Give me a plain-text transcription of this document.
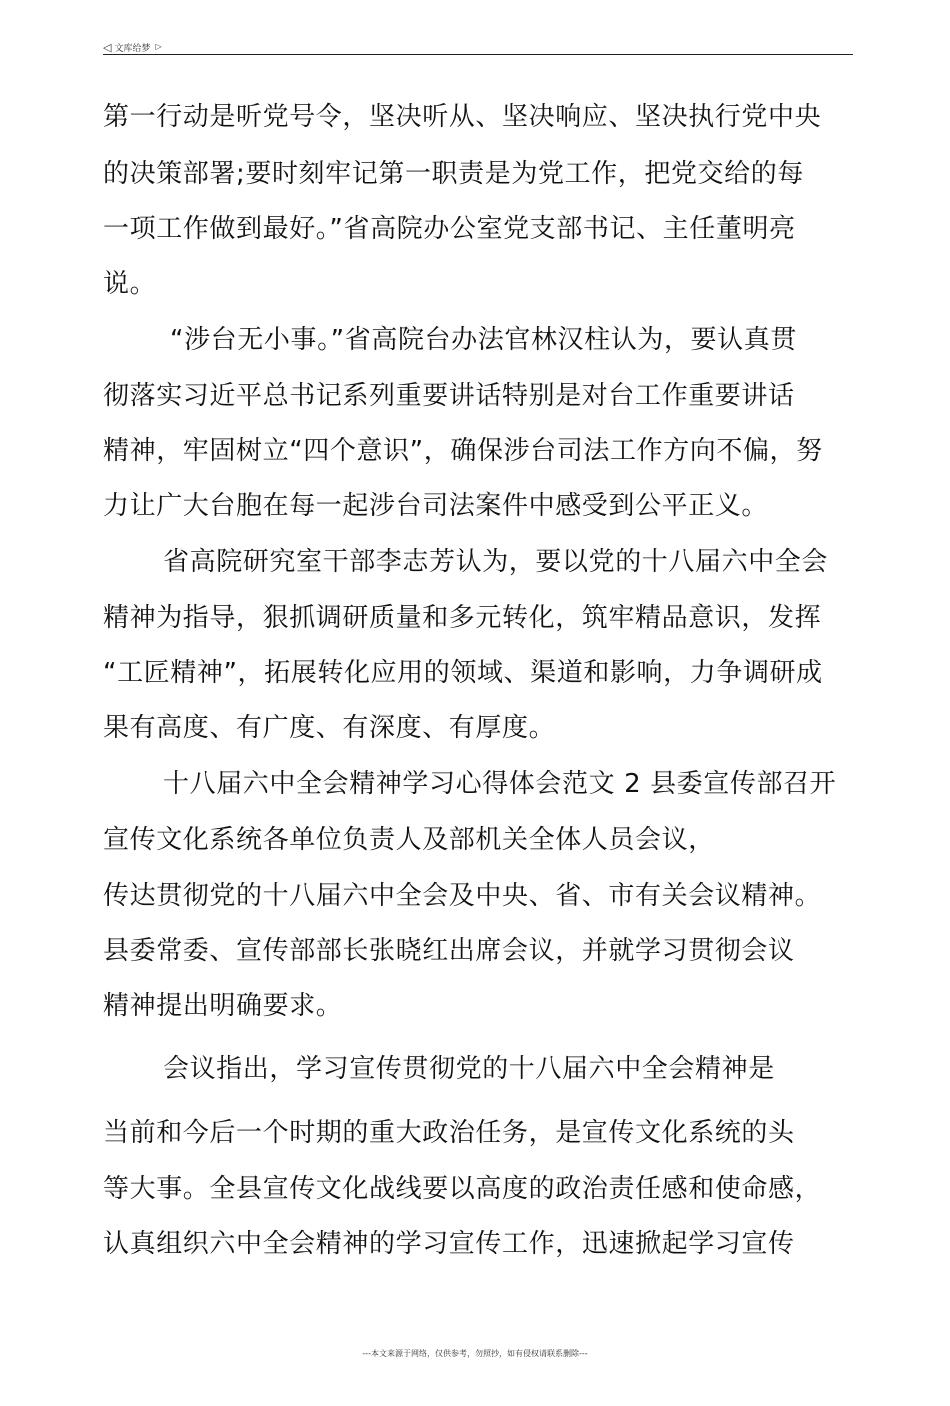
◁ 文库给梦 ▷
第一行动是听党号令，坚决听从、坚决响应、坚决执行党中央
的决策部署;要时刻牢记第一职责是为党工作，把党交给的每
一项工作做到最好。”省高院办公室党支部书记、主任董明亮
说。
“涉台无小事。”省高院台办法官林汉柱认为，要认真贯
彻落实习近平总书记系列重要讲话特别是对台工作重要讲话
精神，牢固树立“四个意识”，确保涉台司法工作方向不偏，努
力让广大台胞在每一起涉台司法案件中感受到公平正义。
省高院研究室干部李志芳认为，要以党的十八届六中全会
精神为指导，狠抓调研质量和多元转化，筑牢精品意识，发挥
“工匠精神”，拓展转化应用的领域、渠道和影响，力争调研成
果有高度、有广度、有深度、有厚度。
十八届六中全会精神学习心得体会范文 2 县委宣传部召开
宣传文化系统各单位负责人及部机关全体人员会议，
传达贯彻党的十八届六中全会及中央、省、市有关会议精神。
县委常委、宣传部部长张晓红出席会议，并就学习贯彻会议
精神提出明确要求。
会议指出，学习宣传贯彻党的十八届六中全会精神是
当前和今后一个时期的重大政治任务，是宣传文化系统的头
等大事。全县宣传文化战线要以高度的政治责任感和使命感，
认真组织六中全会精神的学习宣传工作，迅速掀起学习宣传
---本文来源于网络，仅供参考，勿照抄，如有侵权请联系删除---
